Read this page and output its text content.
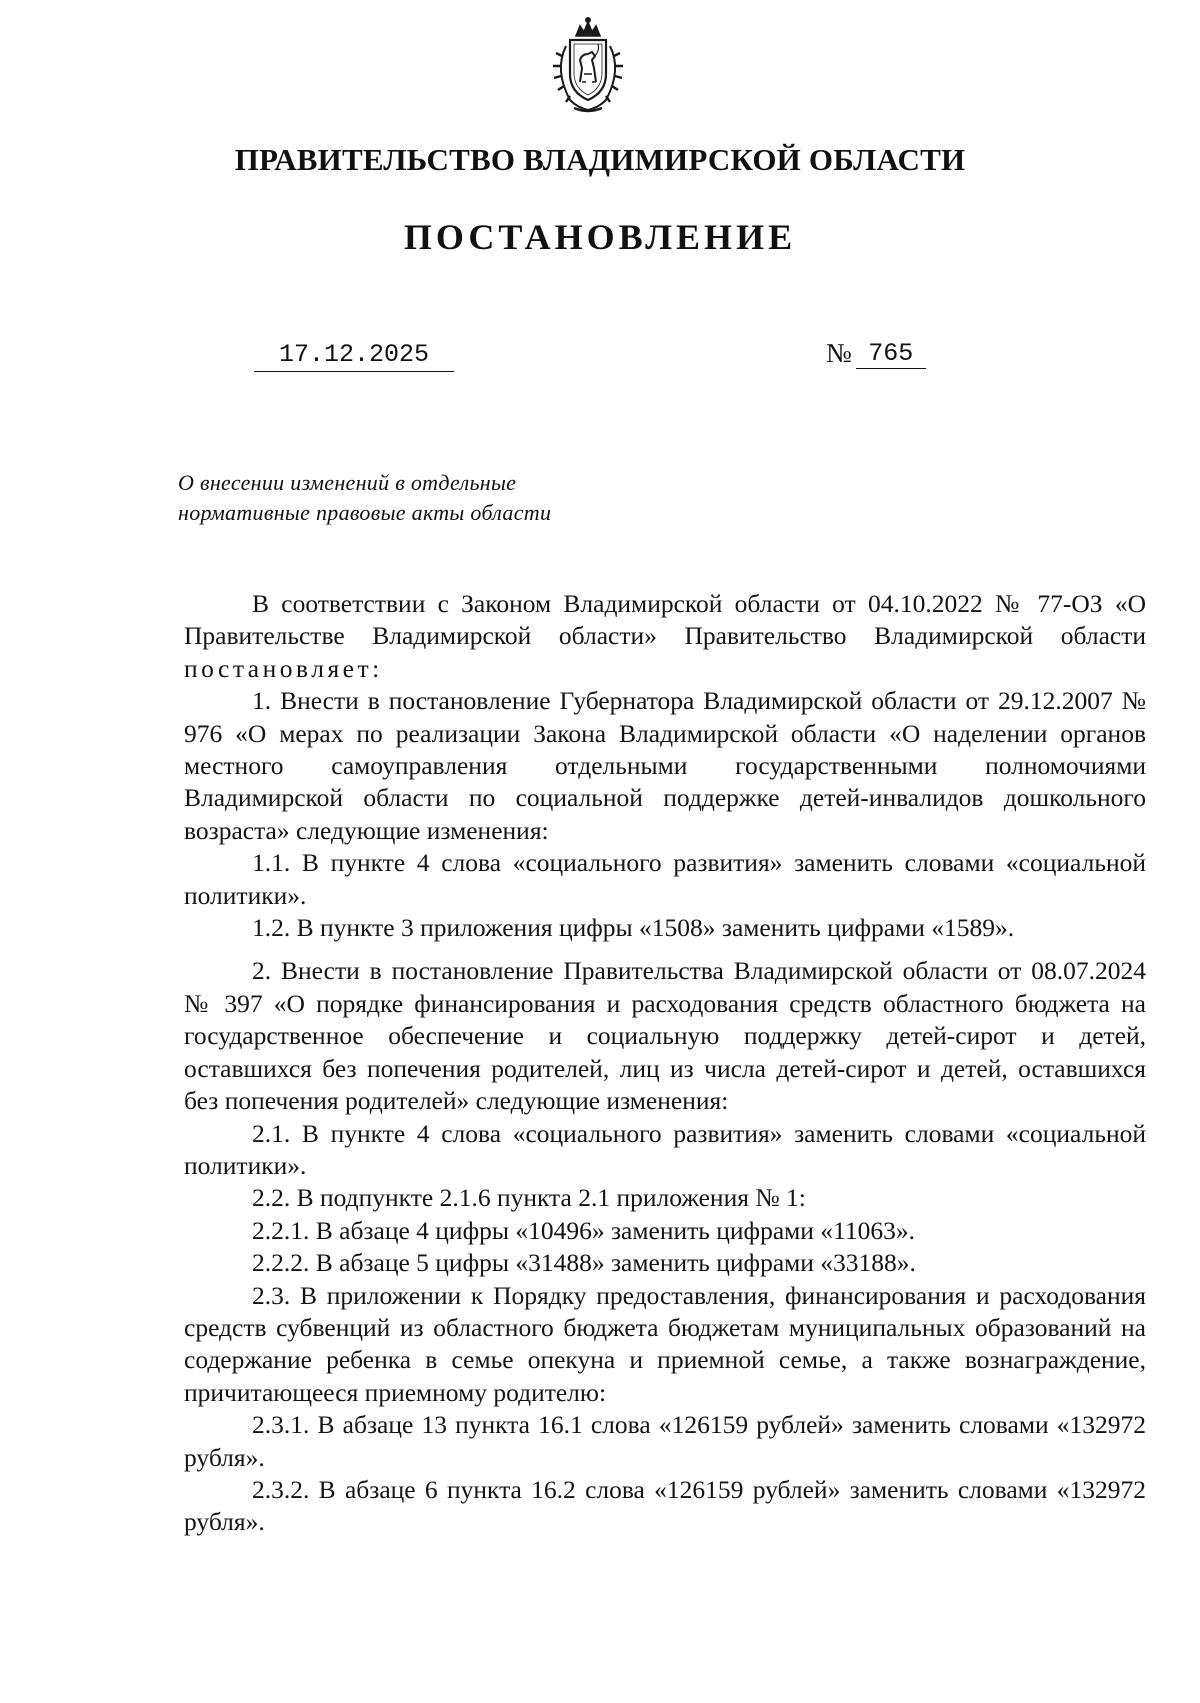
ПРАВИТЕЛЬСТВО ВЛАДИМИРСКОЙ ОБЛАСТИ
ПОСТАНОВЛЕНИЕ
17.12.2025	№ 765
О внесении изменений в отдельные
нормативные правовые акты области

В соответствии с Законом Владимирской области от 04.10.2022 № 77-ОЗ «О Правительстве Владимирской области» Правительство Владимирской области постановляет:

1. Внести в постановление Губернатора Владимирской области от 29.12.2007 № 976 «О мерах по реализации Закона Владимирской области «О наделении органов местного самоуправления отдельными государственными полномочиями Владимирской области по социальной поддержке детей-инвалидов дошкольного возраста» следующие изменения:

1.1. В пункте 4 слова «социального развития» заменить словами «социальной политики».

1.2. В пункте 3 приложения цифры «1508» заменить цифрами «1589».

2. Внести в постановление Правительства Владимирской области от 08.07.2024 № 397 «О порядке финансирования и расходования средств областного бюджета на государственное обеспечение и социальную поддержку детей-сирот и детей, оставшихся без попечения родителей, лиц из числа детей-сирот и детей, оставшихся без попечения родителей» следующие изменения:

2.1. В пункте 4 слова «социального развития» заменить словами «социальной политики».

2.2. В подпункте 2.1.6 пункта 2.1 приложения № 1:

2.2.1. В абзаце 4 цифры «10496» заменить цифрами «11063».

2.2.2. В абзаце 5 цифры «31488» заменить цифрами «33188».

2.3. В приложении к Порядку предоставления, финансирования и расходования средств субвенций из областного бюджета бюджетам муниципальных образований на содержание ребенка в семье опекуна и приемной семье, а также вознаграждение, причитающееся приемному родителю:

2.3.1. В абзаце 13 пункта 16.1 слова «126159 рублей» заменить словами «132972 рубля».

2.3.2. В абзаце 6 пункта 16.2 слова «126159 рублей» заменить словами «132972 рубля».
